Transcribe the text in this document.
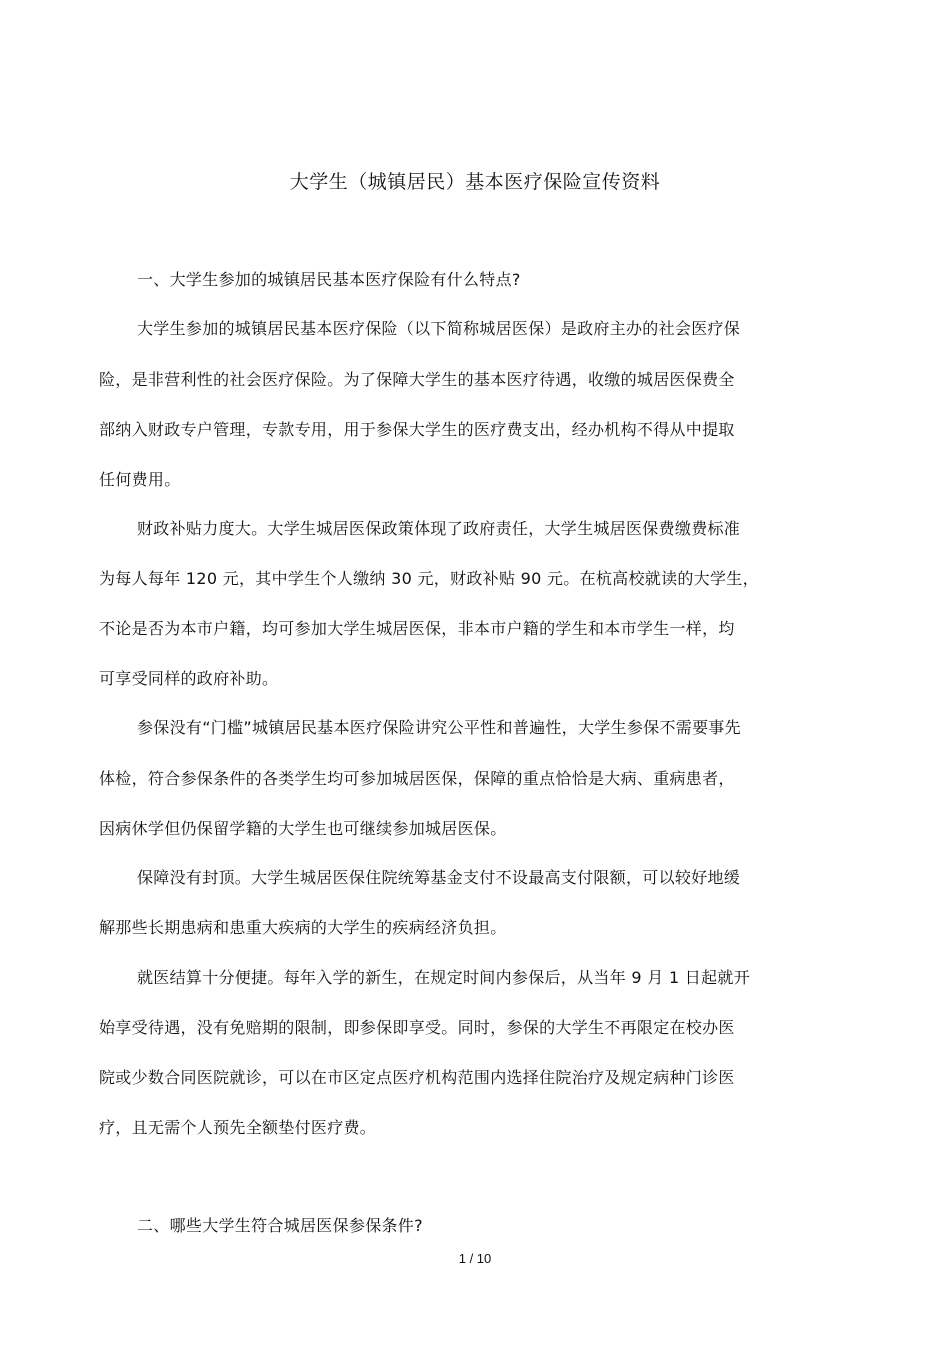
大学生（城镇居民）基本医疗保险宣传资料
一、大学生参加的城镇居民基本医疗保险有什么特点?
大学生参加的城镇居民基本医疗保险（以下简称城居医保）是政府主办的社会医疗保
险，是非营利性的社会医疗保险。为了保障大学生的基本医疗待遇，收缴的城居医保费全
部纳入财政专户管理，专款专用，用于参保大学生的医疗费支出，经办机构不得从中提取
任何费用。
财政补贴力度大。大学生城居医保政策体现了政府责任，大学生城居医保费缴费标准
为每人每年 120 元，其中学生个人缴纳 30 元，财政补贴 90 元。在杭高校就读的大学生，
不论是否为本市户籍，均可参加大学生城居医保，非本市户籍的学生和本市学生一样，均
可享受同样的政府补助。
参保没有“门槛”城镇居民基本医疗保险讲究公平性和普遍性，大学生参保不需要事先
体检，符合参保条件的各类学生均可参加城居医保，保障的重点恰恰是大病、重病患者，
因病休学但仍保留学籍的大学生也可继续参加城居医保。
保障没有封顶。大学生城居医保住院统筹基金支付不设最高支付限额，可以较好地缓
解那些长期患病和患重大疾病的大学生的疾病经济负担。
就医结算十分便捷。每年入学的新生，在规定时间内参保后，从当年 9 月 1 日起就开
始享受待遇，没有免赔期的限制，即参保即享受。同时，参保的大学生不再限定在校办医
院或少数合同医院就诊，可以在市区定点医疗机构范围内选择住院治疗及规定病种门诊医
疗，且无需个人预先全额垫付医疗费。
二、哪些大学生符合城居医保参保条件?
1 / 10
